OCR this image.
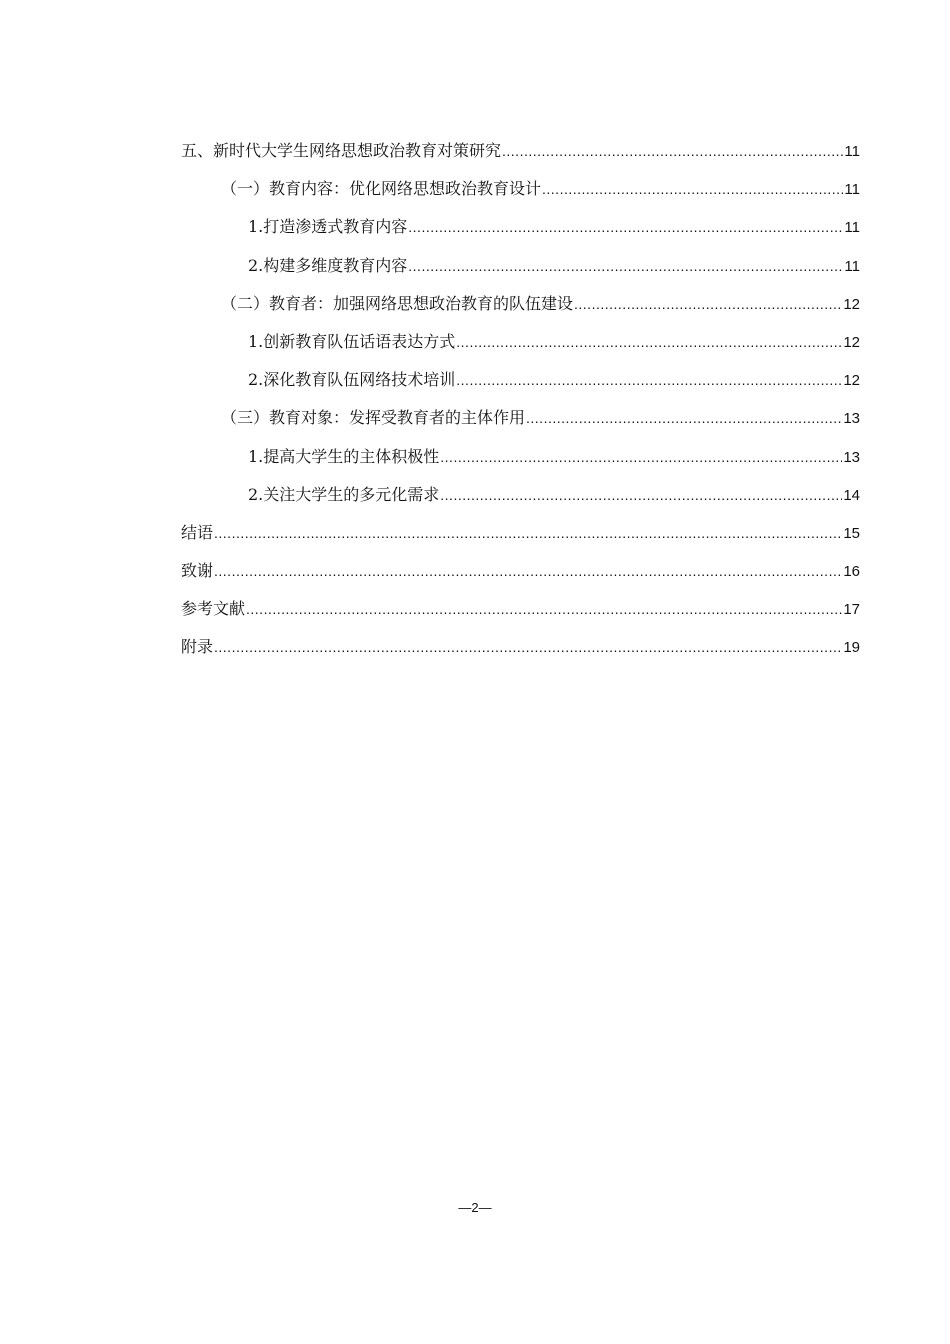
五、新时代大学生网络思想政治教育对策研究 .....	11
（一）教育内容：优化网络思想政治教育设计 .....	11
1.打造渗透式教育内容 .....	11
2.构建多维度教育内容 .....	11
（二）教育者：加强网络思想政治教育的队伍建设 .....	12
1.创新教育队伍话语表达方式 .....	12
2.深化教育队伍网络技术培训 .....	12
（三）教育对象：发挥受教育者的主体作用 .....	13
1.提高大学生的主体积极性 .....	13
2.关注大学生的多元化需求 .....	14
结语 .....	15
致谢 .....	16
参考文献 .....	17
附录 .....	19
—2—
